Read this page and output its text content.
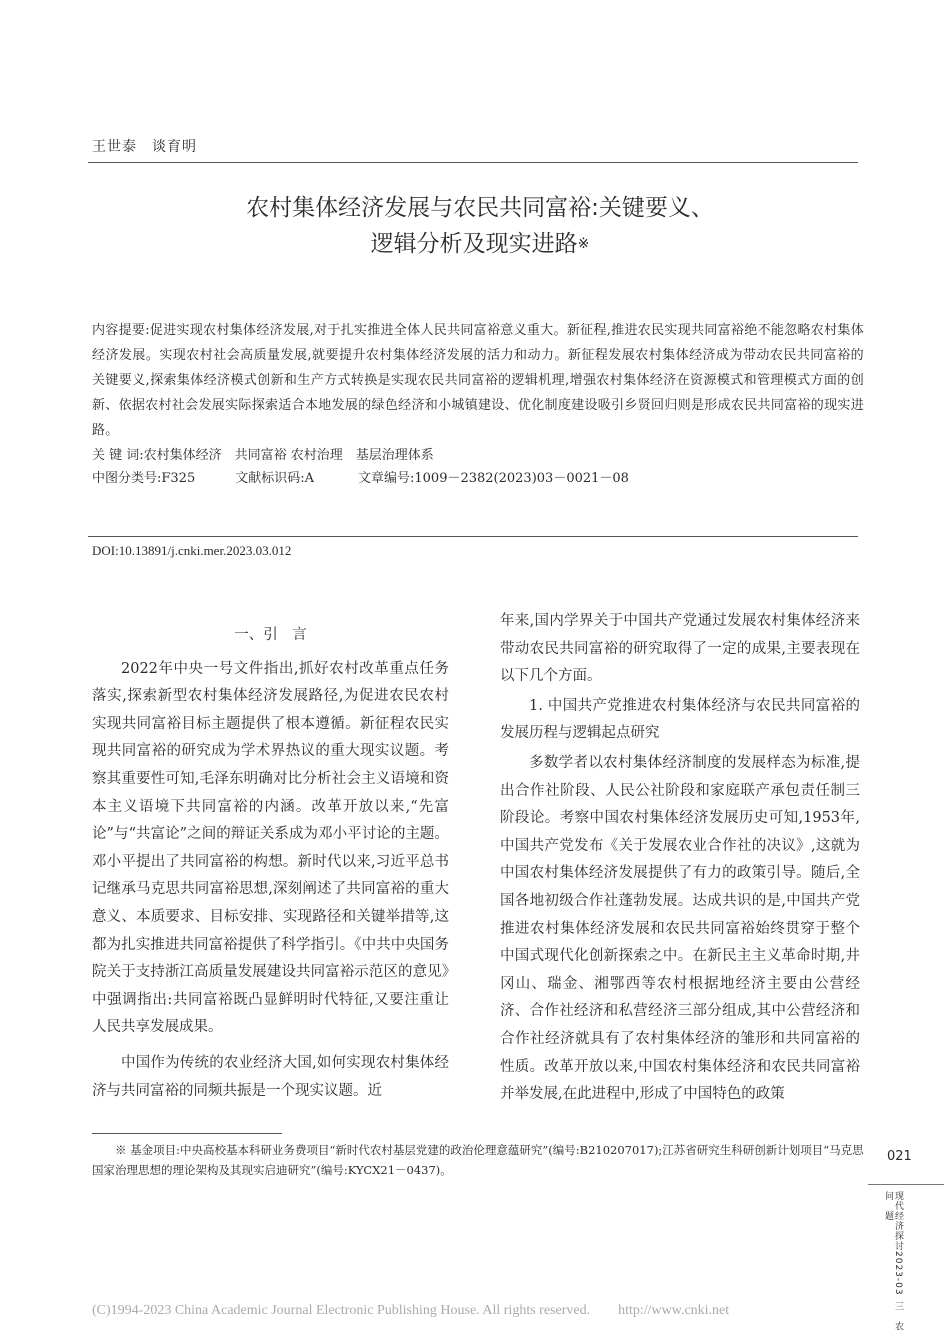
王世泰　谈育明
农村集体经济发展与农民共同富裕:关键要义、
逻辑分析及现实进路※
内容提要:促进实现农村集体经济发展,对于扎实推进全体人民共同富裕意义重大。新征程,推进农民实现共同富裕绝不能忽略农村集体经济发展。实现农村社会高质量发展,就要提升农村集体经济发展的活力和动力。新征程发展农村集体经济成为带动农民共同富裕的关键要义,探索集体经济模式创新和生产方式转换是实现农民共同富裕的逻辑机理,增强农村集体经济在资源模式和管理模式方面的创新、依据农村社会发展实际探索适合本地发展的绿色经济和小城镇建设、优化制度建设吸引乡贤回归则是形成农民共同富裕的现实进路。
关 键 词:农村集体经济　共同富裕 农村治理　基层治理体系
中图分类号:F325	文献标识码:A	文章编号:1009－2382(2023)03－0021－08
DOI:10.13891/j.cnki.mer.2023.03.012
一、引　言

2022年中央一号文件指出,抓好农村改革重点任务落实,探索新型农村集体经济发展路径,为促进农民农村实现共同富裕目标主题提供了根本遵循。新征程农民实现共同富裕的研究成为学术界热议的重大现实议题。考察其重要性可知,毛泽东明确对比分析社会主义语境和资本主义语境下共同富裕的内涵。改革开放以来,“先富论”与“共富论”之间的辩证关系成为邓小平讨论的主题。邓小平提出了共同富裕的构想。新时代以来,习近平总书记继承马克思共同富裕思想,深刻阐述了共同富裕的重大意义、本质要求、目标安排、实现路径和关键举措等,这都为扎实推进共同富裕提供了科学指引。《中共中央国务院关于支持浙江高质量发展建设共同富裕示范区的意见》中强调指出:共同富裕既凸显鲜明时代特征,又要注重让人民共享发展成果。

中国作为传统的农业经济大国,如何实现农村集体经济与共同富裕的同频共振是一个现实议题。近

年来,国内学界关于中国共产党通过发展农村集体经济来带动农民共同富裕的研究取得了一定的成果,主要表现在以下几个方面。

1. 中国共产党推进农村集体经济与农民共同富裕的发展历程与逻辑起点研究

多数学者以农村集体经济制度的发展样态为标准,提出合作社阶段、人民公社阶段和家庭联产承包责任制三阶段论。考察中国农村集体经济发展历史可知,1953年,中国共产党发布《关于发展农业合作社的决议》,这就为中国农村集体经济发展提供了有力的政策引导。随后,全国各地初级合作社蓬勃发展。达成共识的是,中国共产党推进农村集体经济发展和农民共同富裕始终贯穿于整个中国式现代化创新探索之中。在新民主主义革命时期,井冈山、瑞金、湘鄂西等农村根据地经济主要由公营经济、合作社经济和私营经济三部分组成,其中公营经济和合作社经济就具有了农村集体经济的雏形和共同富裕的性质。改革开放以来,中国农村集体经济和农民共同富裕并举发展,在此进程中,形成了中国特色的政策

※ 基金项目:中央高校基本科研业务费项目“新时代农村基层党建的政治伦理意蕴研究”(编号:B210207017);江苏省研究生科研创新计划项目“马克思国家治理思想的理论架构及其现实启迪研究”(编号:KYCX21－0437)。
021
现代经济探讨2023-03三　农　问　题
(C)1994-2023 China Academic Journal Electronic Publishing House. All rights reserved.　　http://www.cnki.net
